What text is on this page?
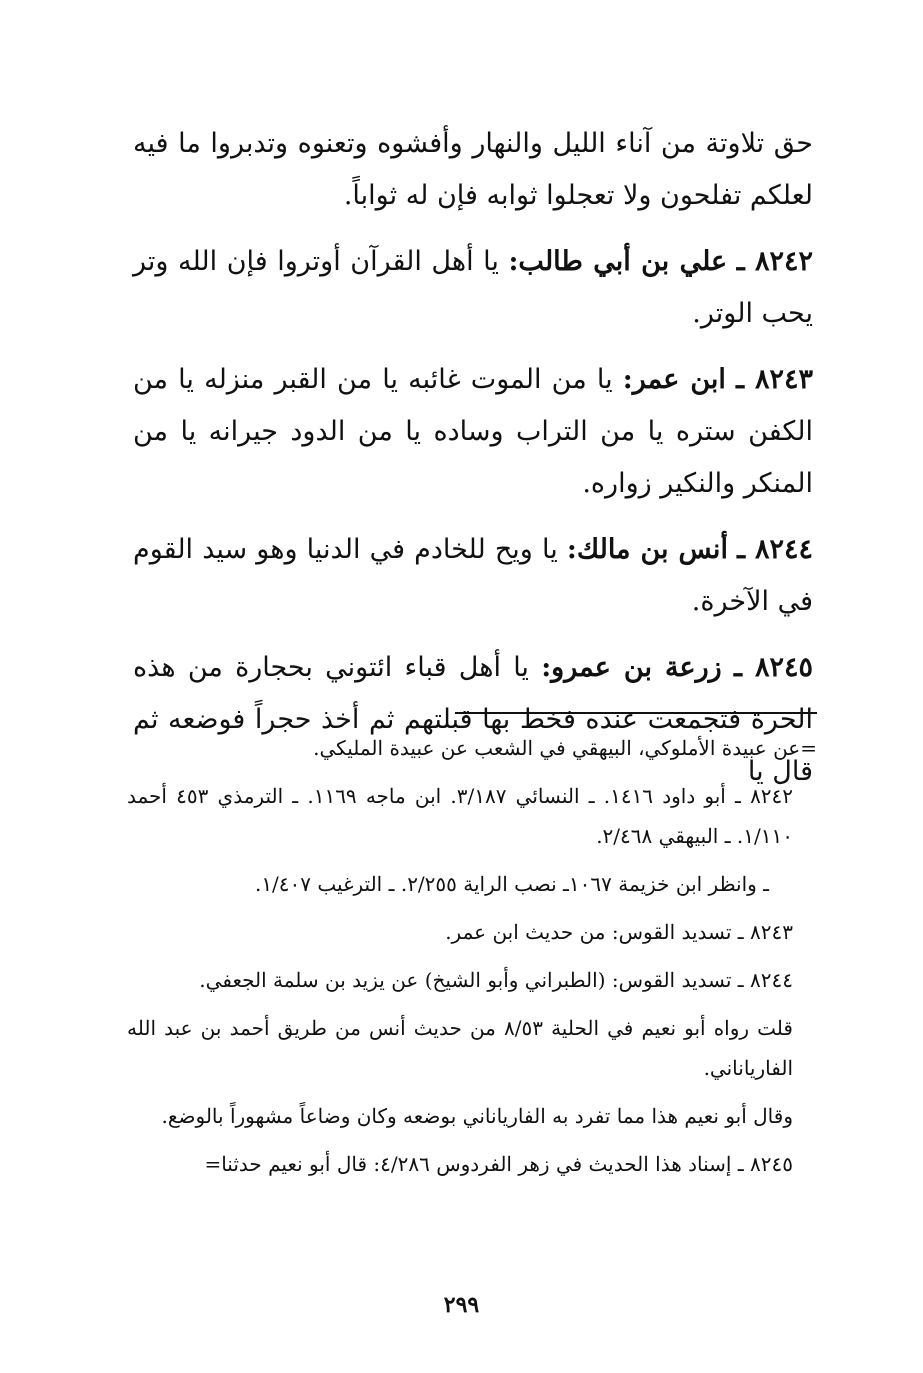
حق تلاوتة من آناء الليل والنهار وأفشوه وتعنوه وتدبروا ما فيه لعلكم تفلحون ولا تعجلوا ثوابه فإن له ثواباً.

٨٢٤٢ ـ علي بن أبي طالب: يا أهل القرآن أوتروا فإن الله وتر يحب الوتر.

٨٢٤٣ ـ ابن عمر: يا من الموت غائبه يا من القبر منزله يا من الكفن ستره يا من التراب وساده يا من الدود جيرانه يا من المنكر والنكير زواره.

٨٢٤٤ ـ أنس بن مالك: يا ويح للخادم في الدنيا وهو سيد القوم في الآخرة.

٨٢٤٥ ـ زرعة بن عمرو: يا أهل قباء ائتوني بحجارة من هذه الحرة فتجمعت عنده فخط بها قبلتهم ثم أخذ حجراً فوضعه ثم قال يا

=عن عبيدة الأملوكي، البيهقي في الشعب عن عبيدة المليكي.

٨٢٤٢ ـ أبو داود ١٤١٦. ـ النسائي ٣/١٨٧. ابن ماجه ١١٦٩. ـ الترمذي ٤٥٣ أحمد ١/١١٠. ـ البيهقي ٢/٤٦٨.

ـ وانظر ابن خزيمة ١٠٦٧ـ نصب الراية ٢/٢٥٥. ـ الترغيب ١/٤٠٧.

٨٢٤٣ ـ تسديد القوس: من حديث ابن عمر.

٨٢٤٤ ـ تسديد القوس: (الطبراني وأبو الشيخ) عن يزيد بن سلمة الجعفي.

قلت رواه أبو نعيم في الحلية ٨/٥٣ من حديث أنس من طريق أحمد بن عبد الله الفارياناني.

وقال أبو نعيم هذا مما تفرد به الفارياناني بوضعه وكان وضاعاً مشهوراً بالوضع.

٨٢٤٥ ـ إسناد هذا الحديث في زهر الفردوس ٤/٢٨٦: قال أبو نعيم حدثنا=

٢٩٩
